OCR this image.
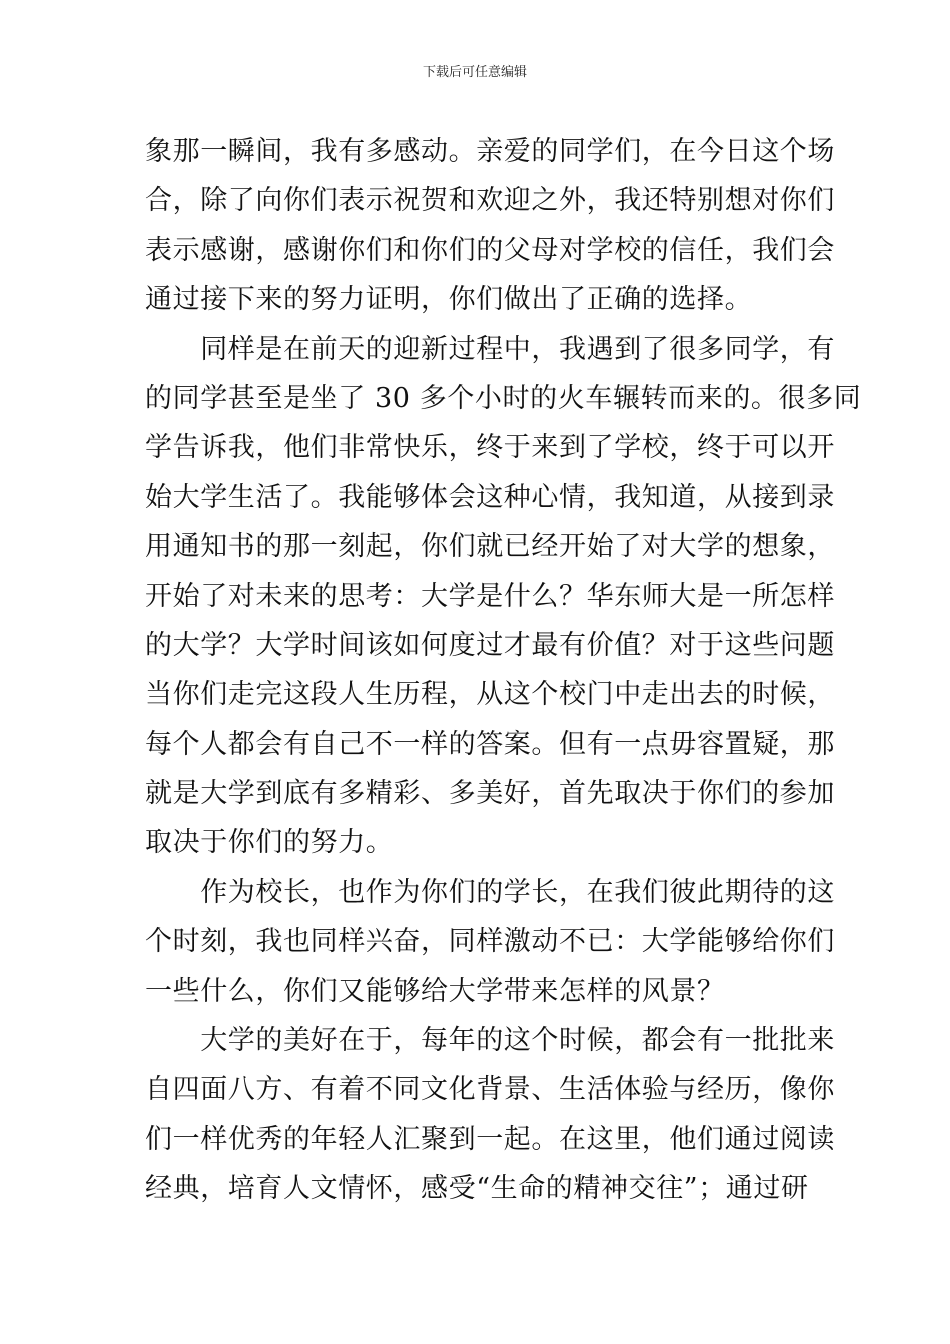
下载后可任意编辑
象那一瞬间，我有多感动。亲爱的同学们，在今日这个场
合，除了向你们表示祝贺和欢迎之外，我还特别想对你们
表示感谢，感谢你们和你们的父母对学校的信任，我们会
通过接下来的努力证明，你们做出了正确的选择。
　　同样是在前天的迎新过程中，我遇到了很多同学，有
的同学甚至是坐了 30 多个小时的火车辗转而来的。很多同
学告诉我，他们非常快乐，终于来到了学校，终于可以开
始大学生活了。我能够体会这种心情，我知道，从接到录
用通知书的那一刻起，你们就已经开始了对大学的想象，
开始了对未来的思考：大学是什么？华东师大是一所怎样
的大学？大学时间该如何度过才最有价值？对于这些问题
当你们走完这段人生历程，从这个校门中走出去的时候，
每个人都会有自己不一样的答案。但有一点毋容置疑，那
就是大学到底有多精彩、多美好，首先取决于你们的参加
取决于你们的努力。
　　作为校长，也作为你们的学长，在我们彼此期待的这
个时刻，我也同样兴奋，同样激动不已：大学能够给你们
一些什么，你们又能够给大学带来怎样的风景？
　　大学的美好在于，每年的这个时候，都会有一批批来
自四面八方、有着不同文化背景、生活体验与经历，像你
们一样优秀的年轻人汇聚到一起。在这里，他们通过阅读
经典，培育人文情怀，感受“生命的精神交往”；通过研
